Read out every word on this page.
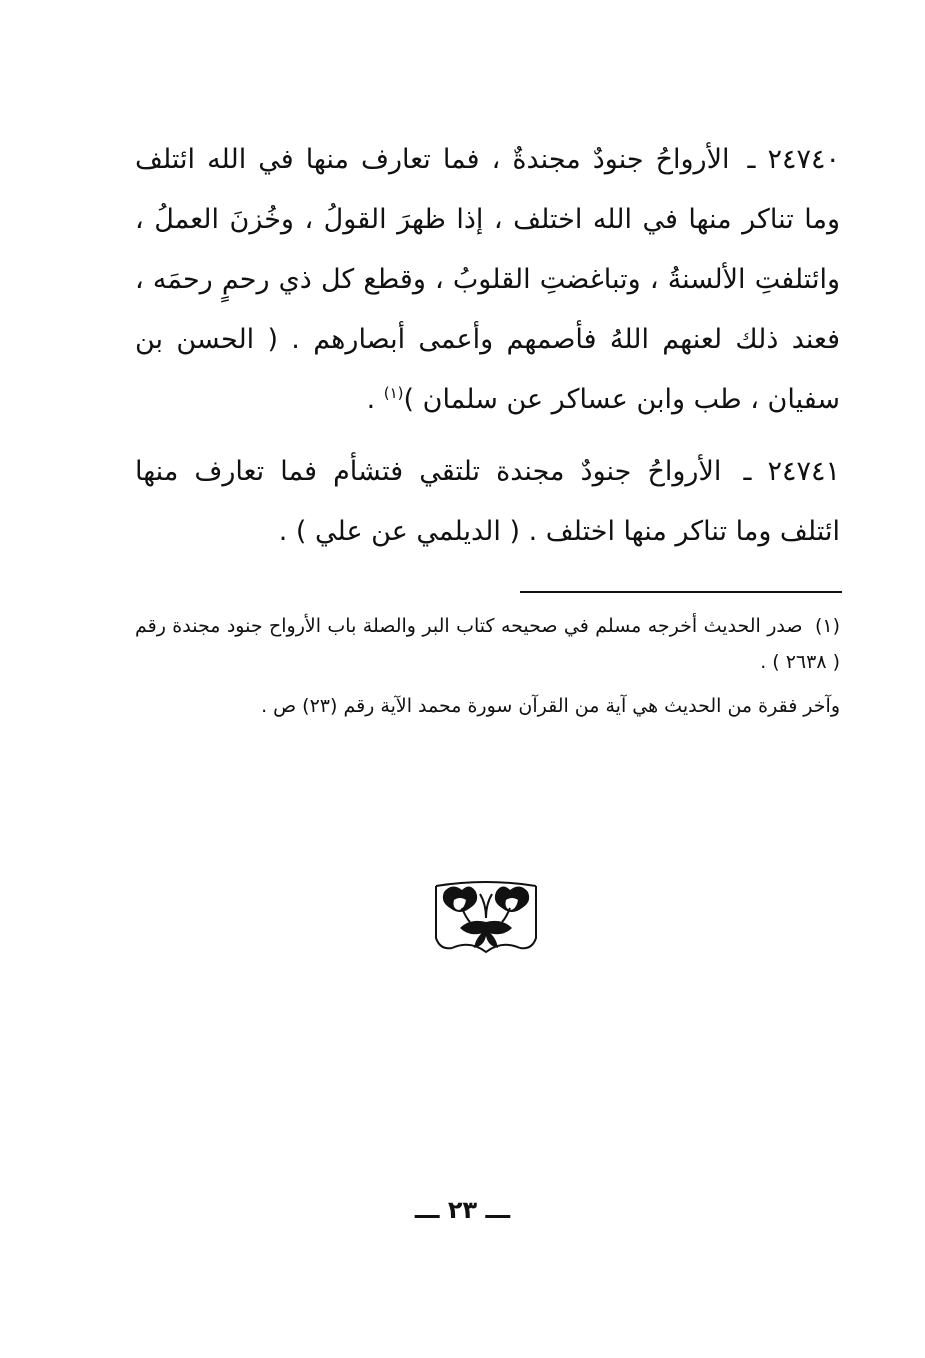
٢٤٧٤٠ ـ الأرواحُ جنودٌ مجندةٌ ، فما تعارف منها في الله ائتلف وما تناكر منها في الله اختلف ، إذا ظهرَ القولُ ، وخُزنَ العملُ ، وائتلفتِ الألسنةُ ، وتباغضتِ القلوبُ ، وقطع كل ذي رحمٍ رحمَه ، فعند ذلك لعنهم اللهُ فأصمهم وأعمى أبصارهم . ( الحسن بن سفيان ، طب وابن عساكر عن سلمان )$^{(١)}$ .

٢٤٧٤١ ـ الأرواحُ جنودٌ مجندة تلتقي فتشأم فما تعارف منها ائتلف وما تناكر منها اختلف . ( الديلمي عن علي ) .

(١) صدر الحديث أخرجه مسلم في صحيحه كتاب البر والصلة باب الأرواح جنود مجندة رقم ( ٢٦٣٨ ) .

وآخر فقرة من الحديث هي آية من القرآن سورة محمد الآية رقم (٢٣) ص .

ـــ ٢٣ ـــ
